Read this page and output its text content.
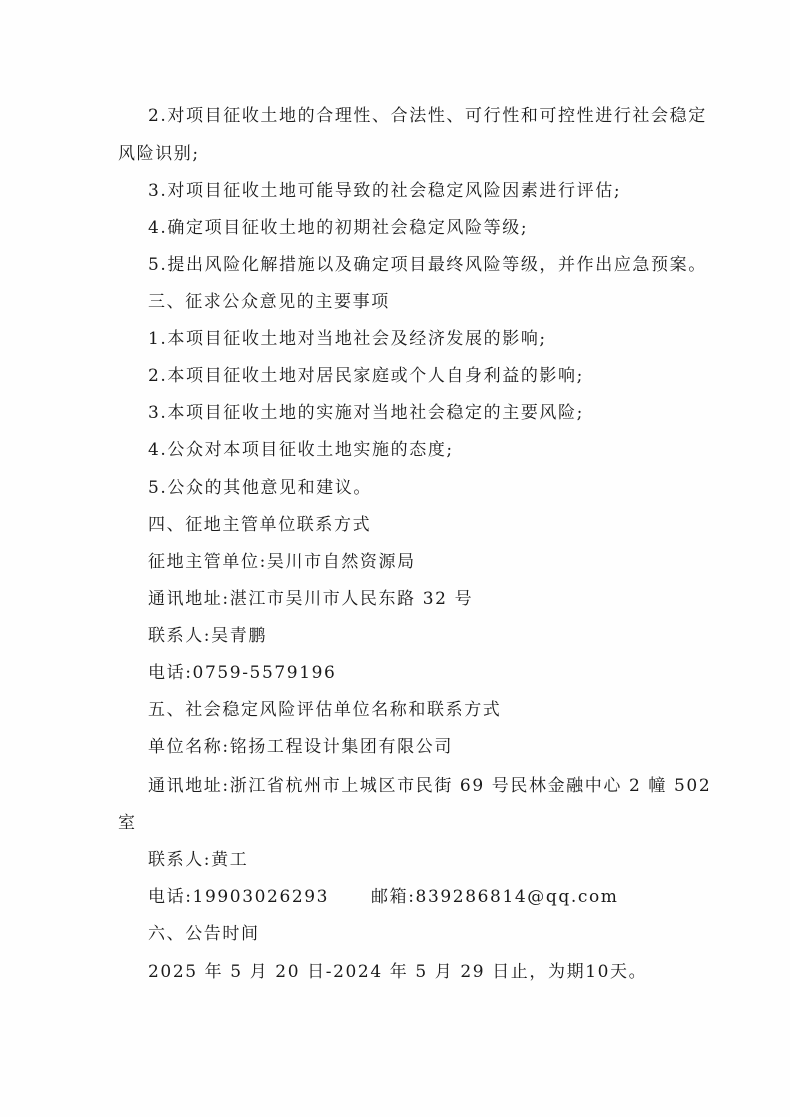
2.对项目征收土地的合理性、合法性、可行性和可控性进行社会稳定
风险识别;
3.对项目征收土地可能导致的社会稳定风险因素进行评估;
4.确定项目征收土地的初期社会稳定风险等级;
5.提出风险化解措施以及确定项目最终风险等级，并作出应急预案。
三、征求公众意见的主要事项
1.本项目征收土地对当地社会及经济发展的影响;
2.本项目征收土地对居民家庭或个人自身利益的影响;
3.本项目征收土地的实施对当地社会稳定的主要风险;
4.公众对本项目征收土地实施的态度;
5.公众的其他意见和建议。
四、征地主管单位联系方式
征地主管单位:吴川市自然资源局
通讯地址:湛江市吴川市人民东路 32 号
联系人:吴青鹏
电话:0759-5579196
五、社会稳定风险评估单位名称和联系方式
单位名称:铭扬工程设计集团有限公司
通讯地址:浙江省杭州市上城区市民街 69 号民林金融中心 2 幢 502
室
联系人:黄工
电话:19903026293 邮箱:839286814@qq.com
六、公告时间
2025 年 5 月 20 日-2024 年 5 月 29 日止，为期10天。
